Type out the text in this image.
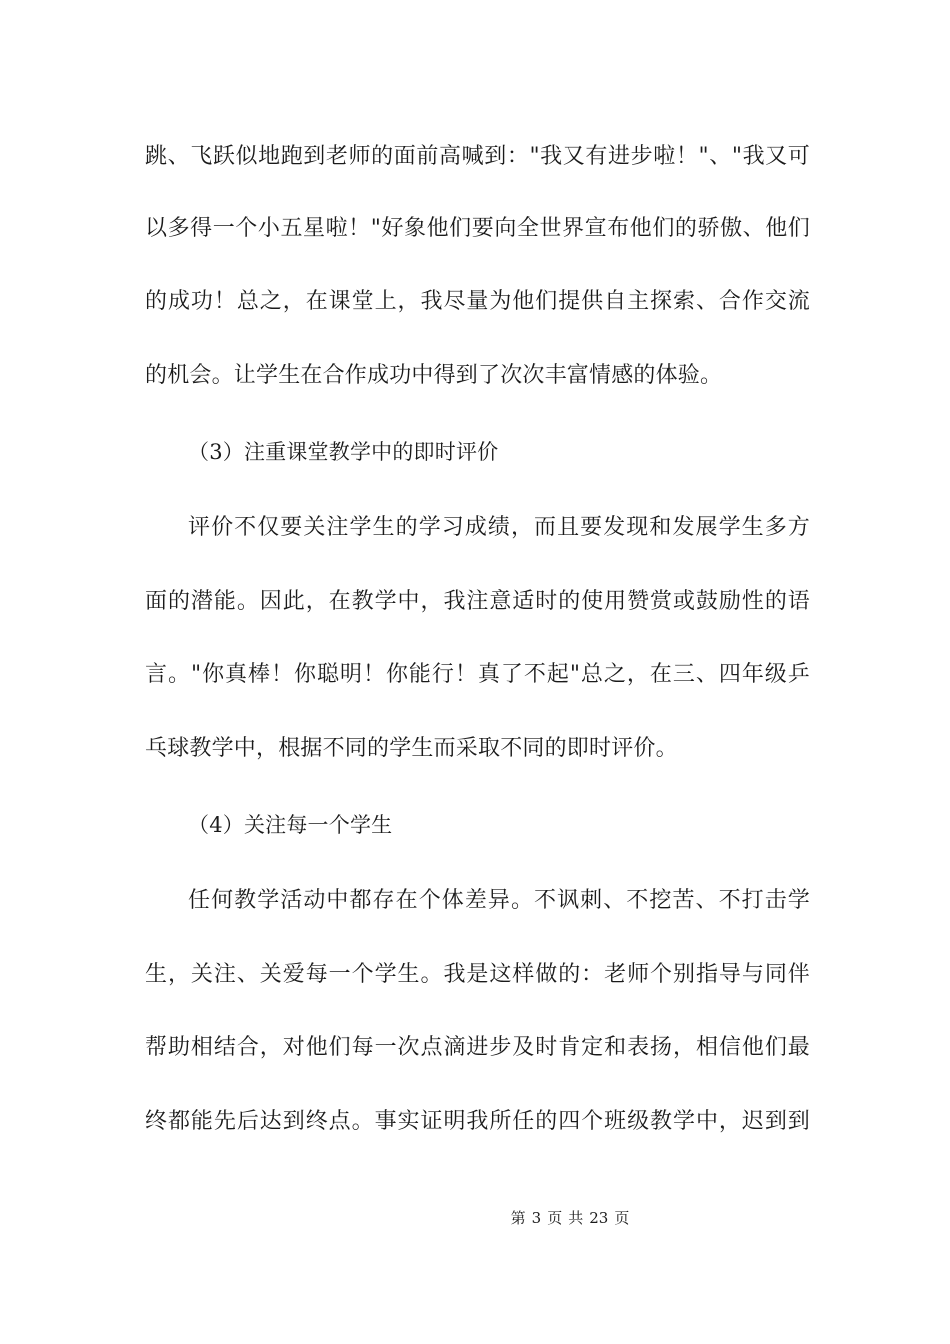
跳、飞跃似地跑到老师的面前高喊到："我又有进步啦！"、"我又可
以多得一个小五星啦！"好象他们要向全世界宣布他们的骄傲、他们
的成功！总之，在课堂上，我尽量为他们提供自主探索、合作交流
的机会。让学生在合作成功中得到了次次丰富情感的体验。
（3）注重课堂教学中的即时评价
评价不仅要关注学生的学习成绩，而且要发现和发展学生多方
面的潜能。因此，在教学中，我注意适时的使用赞赏或鼓励性的语
言。"你真棒！你聪明！你能行！真了不起"总之，在三、四年级乒
乓球教学中，根据不同的学生而采取不同的即时评价。
（4）关注每一个学生
任何教学活动中都存在个体差异。不讽刺、不挖苦、不打击学
生，关注、关爱每一个学生。我是这样做的：老师个别指导与同伴
帮助相结合，对他们每一次点滴进步及时肯定和表扬，相信他们最
终都能先后达到终点。事实证明我所任的四个班级教学中，迟到到
第 3 页 共 23 页
